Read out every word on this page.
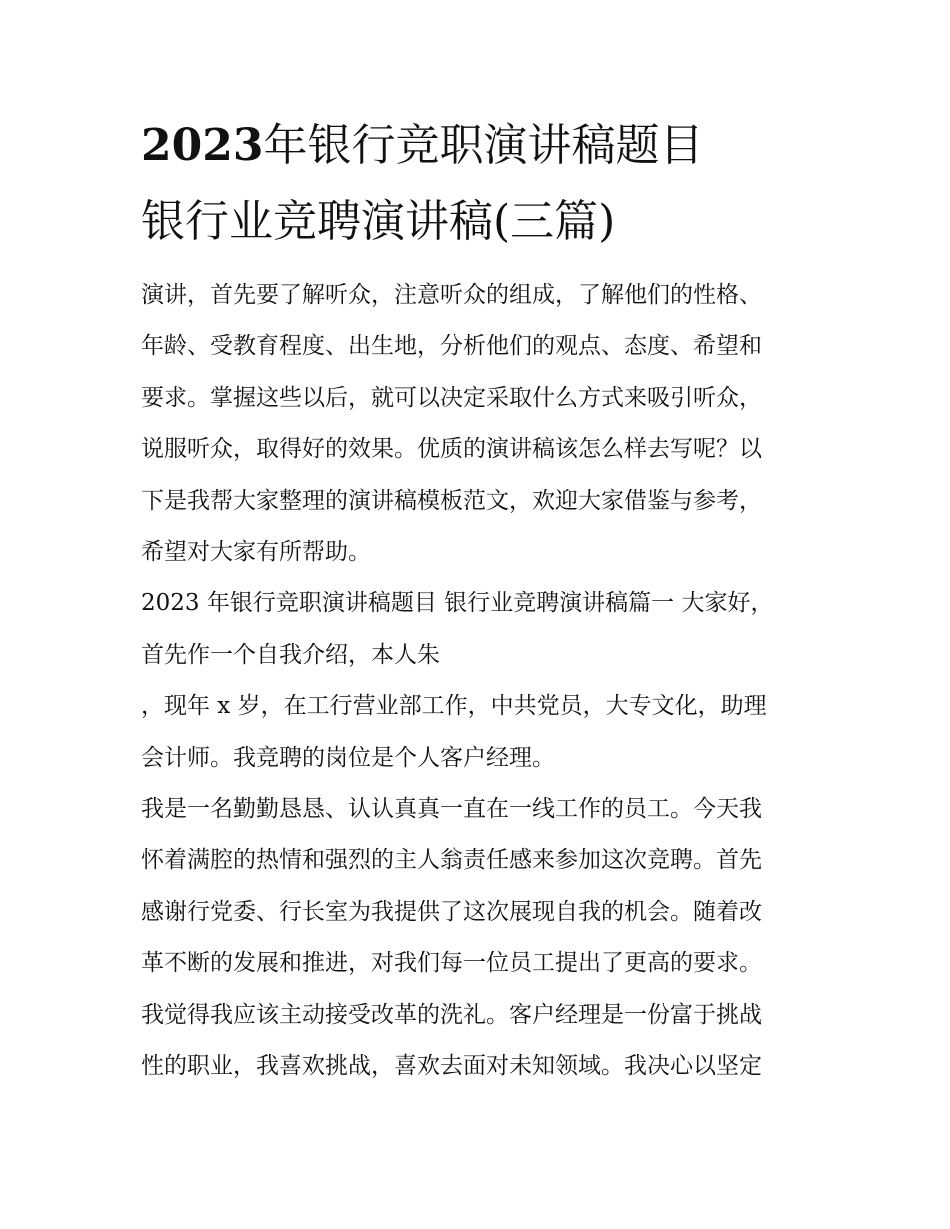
2023年银行竞职演讲稿题目
银行业竞聘演讲稿(三篇)
演讲，首先要了解听众，注意听众的组成，了解他们的性格、
年龄、受教育程度、出生地，分析他们的观点、态度、希望和
要求。掌握这些以后，就可以决定采取什么方式来吸引听众，
说服听众，取得好的效果。优质的演讲稿该怎么样去写呢？以
下是我帮大家整理的演讲稿模板范文，欢迎大家借鉴与参考，
希望对大家有所帮助。
2023 年银行竞职演讲稿题目 银行业竞聘演讲稿篇一 大家好，
首先作一个自我介绍，本人朱
，现年 x 岁，在工行营业部工作，中共党员，大专文化，助理
会计师。我竞聘的岗位是个人客户经理。
我是一名勤勤恳恳、认认真真一直在一线工作的员工。今天我
怀着满腔的热情和强烈的主人翁责任感来参加这次竞聘。首先
感谢行党委、行长室为我提供了这次展现自我的机会。随着改
革不断的发展和推进，对我们每一位员工提出了更高的要求。
我觉得我应该主动接受改革的洗礼。客户经理是一份富于挑战
性的职业，我喜欢挑战，喜欢去面对未知领域。我决心以坚定
